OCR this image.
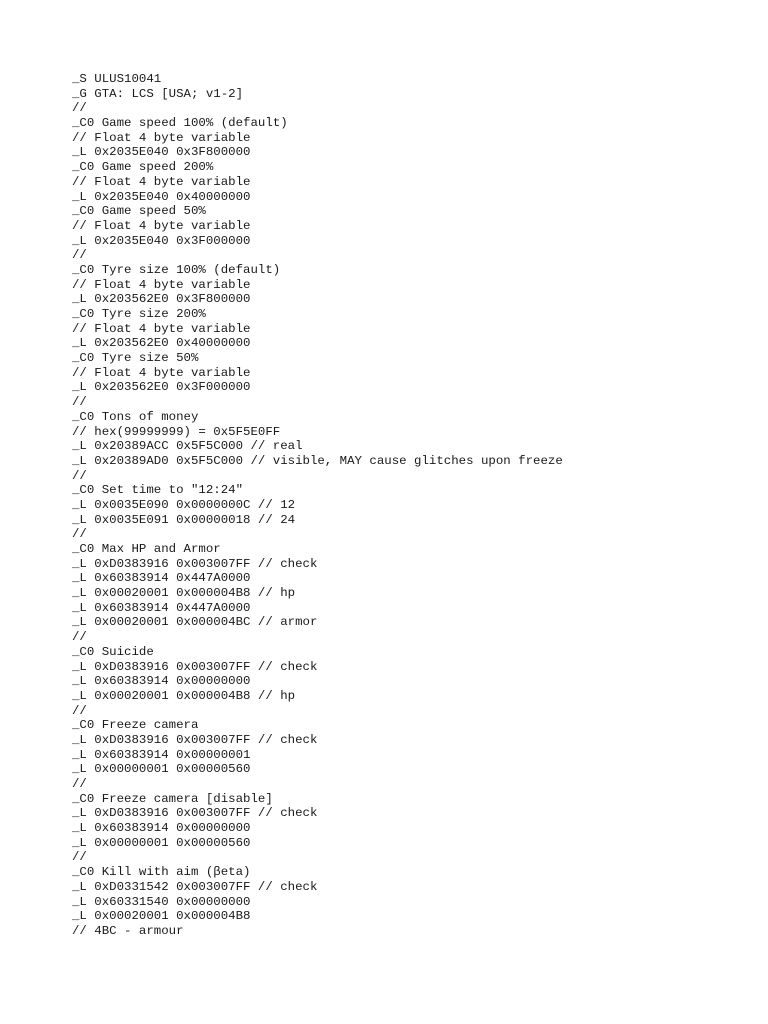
_S ULUS10041
_G GTA: LCS [USA; v1-2]
//
_C0 Game speed 100% (default)
// Float 4 byte variable
_L 0x2035E040 0x3F800000
_C0 Game speed 200%
// Float 4 byte variable
_L 0x2035E040 0x40000000
_C0 Game speed 50%
// Float 4 byte variable
_L 0x2035E040 0x3F000000
//
_C0 Tyre size 100% (default)
// Float 4 byte variable
_L 0x203562E0 0x3F800000
_C0 Tyre size 200%
// Float 4 byte variable
_L 0x203562E0 0x40000000
_C0 Tyre size 50%
// Float 4 byte variable
_L 0x203562E0 0x3F000000
//
_C0 Tons of money
// hex(99999999) = 0x5F5E0FF
_L 0x20389ACC 0x5F5C000 // real
_L 0x20389AD0 0x5F5C000 // visible, MAY cause glitches upon freeze
//
_C0 Set time to "12:24"
_L 0x0035E090 0x0000000C // 12
_L 0x0035E091 0x00000018 // 24
//
_C0 Max HP and Armor
_L 0xD0383916 0x003007FF // check
_L 0x60383914 0x447A0000
_L 0x00020001 0x000004B8 // hp
_L 0x60383914 0x447A0000
_L 0x00020001 0x000004BC // armor
//
_C0 Suicide
_L 0xD0383916 0x003007FF // check
_L 0x60383914 0x00000000
_L 0x00020001 0x000004B8 // hp
//
_C0 Freeze camera
_L 0xD0383916 0x003007FF // check
_L 0x60383914 0x00000001
_L 0x00000001 0x00000560
//
_C0 Freeze camera [disable]
_L 0xD0383916 0x003007FF // check
_L 0x60383914 0x00000000
_L 0x00000001 0x00000560
//
_C0 Kill with aim (βeta)
_L 0xD0331542 0x003007FF // check
_L 0x60331540 0x00000000
_L 0x00020001 0x000004B8
// 4BC - armour
